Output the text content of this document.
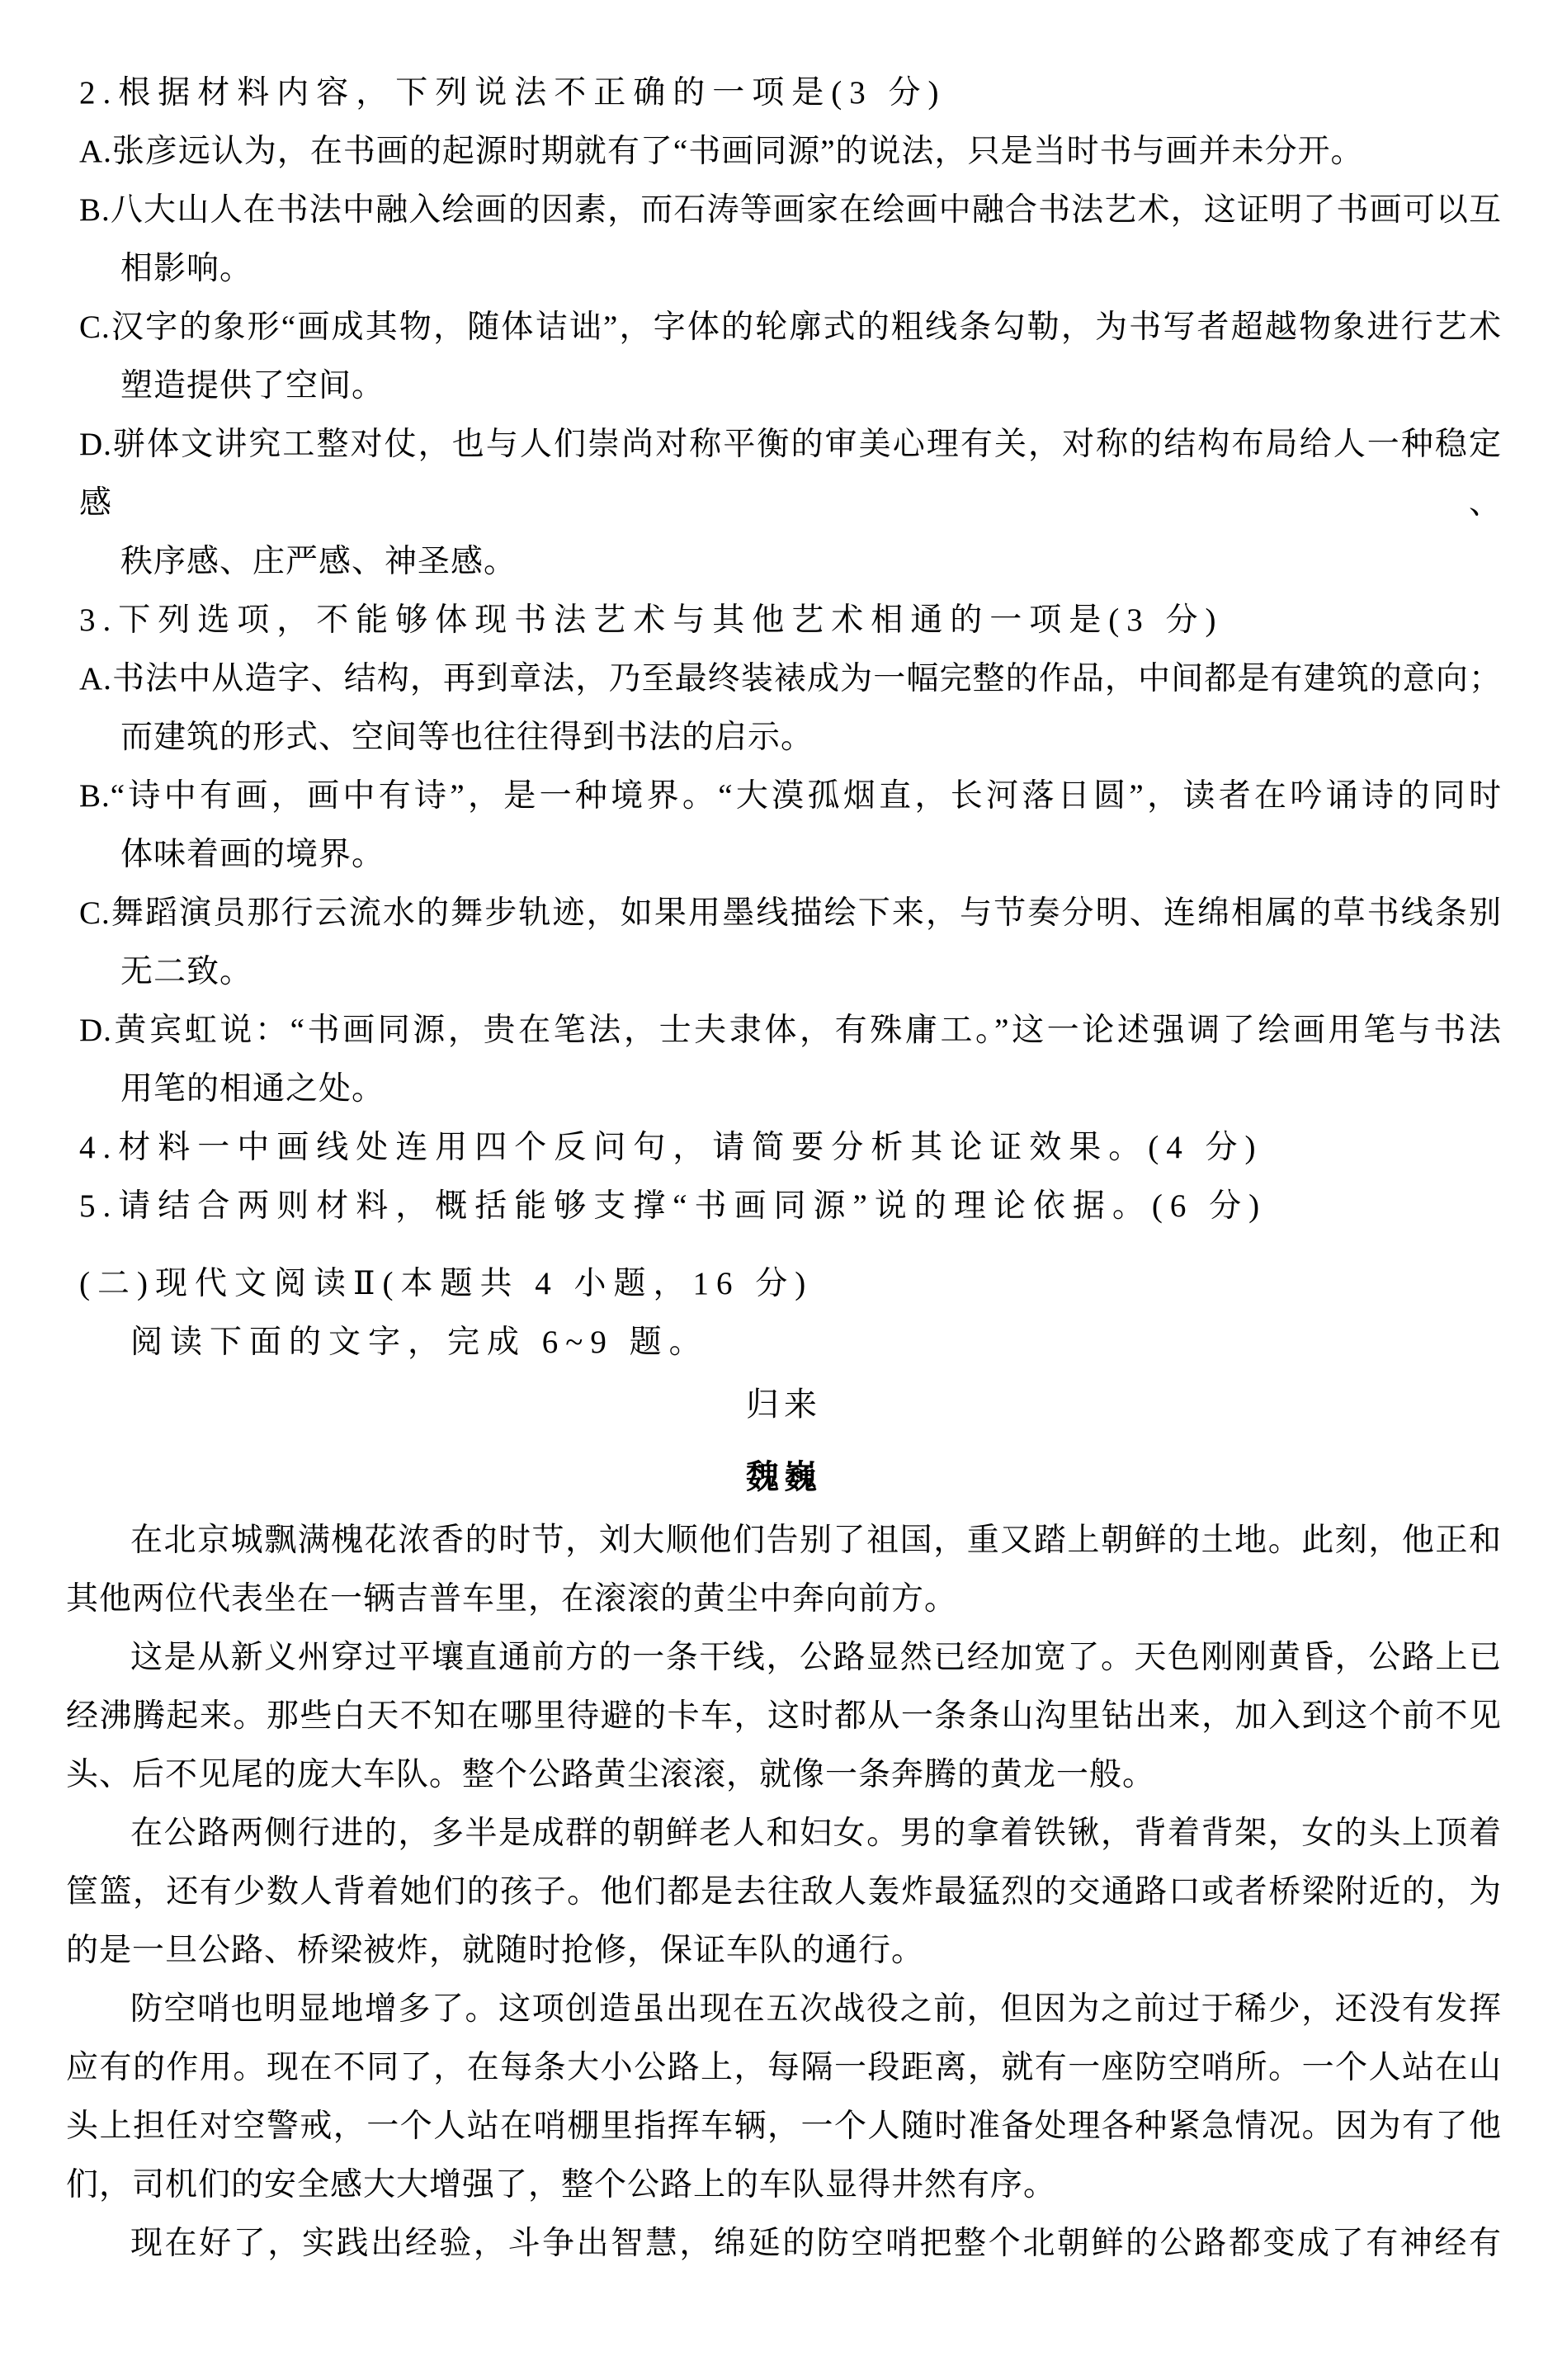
2.根据材料内容，下列说法不正确的一项是(3 分)
A.张彦远认为，在书画的起源时期就有了“书画同源”的说法，只是当时书与画并未分开。
B.八大山人在书法中融入绘画的因素，而石涛等画家在绘画中融合书法艺术，这证明了书画可以互
相影响。
C.汉字的象形“画成其物，随体诘诎”，字体的轮廓式的粗线条勾勒，为书写者超越物象进行艺术
塑造提供了空间。
D.骈体文讲究工整对仗，也与人们崇尚对称平衡的审美心理有关，对称的结构布局给人一种稳定感、
秩序感、庄严感、神圣感。
3.下列选项，不能够体现书法艺术与其他艺术相通的一项是(3 分)
A.书法中从造字、结构，再到章法，乃至最终装裱成为一幅完整的作品，中间都是有建筑的意向；
而建筑的形式、空间等也往往得到书法的启示。
B.“诗中有画，画中有诗”，是一种境界。“大漠孤烟直，长河落日圆”，读者在吟诵诗的同时
体味着画的境界。
C.舞蹈演员那行云流水的舞步轨迹，如果用墨线描绘下来，与节奏分明、连绵相属的草书线条别
无二致。
D.黄宾虹说：“书画同源，贵在笔法，士夫隶体，有殊庸工。”这一论述强调了绘画用笔与书法
用笔的相通之处。
4.材料一中画线处连用四个反问句，请简要分析其论证效果。(4 分)
5.请结合两则材料，概括能够支撑“书画同源”说的理论依据。(6 分)
(二)现代文阅读Ⅱ(本题共 4 小题，16 分)
阅读下面的文字，完成 6~9 题。
归来
魏巍
在北京城飘满槐花浓香的时节，刘大顺他们告别了祖国，重又踏上朝鲜的土地。此刻，他正和
其他两位代表坐在一辆吉普车里，在滚滚的黄尘中奔向前方。
这是从新义州穿过平壤直通前方的一条干线，公路显然已经加宽了。天色刚刚黄昏，公路上已
经沸腾起来。那些白天不知在哪里待避的卡车，这时都从一条条山沟里钻出来，加入到这个前不见
头、后不见尾的庞大车队。整个公路黄尘滚滚，就像一条奔腾的黄龙一般。
在公路两侧行进的，多半是成群的朝鲜老人和妇女。男的拿着铁锹，背着背架，女的头上顶着
筐篮，还有少数人背着她们的孩子。他们都是去往敌人轰炸最猛烈的交通路口或者桥梁附近的，为
的是一旦公路、桥梁被炸，就随时抢修，保证车队的通行。
防空哨也明显地增多了。这项创造虽出现在五次战役之前，但因为之前过于稀少，还没有发挥
应有的作用。现在不同了，在每条大小公路上，每隔一段距离，就有一座防空哨所。一个人站在山
头上担任对空警戒，一个人站在哨棚里指挥车辆，一个人随时准备处理各种紧急情况。因为有了他
们，司机们的安全感大大增强了，整个公路上的车队显得井然有序。
现在好了，实践出经验，斗争出智慧，绵延的防空哨把整个北朝鲜的公路都变成了有神经有
